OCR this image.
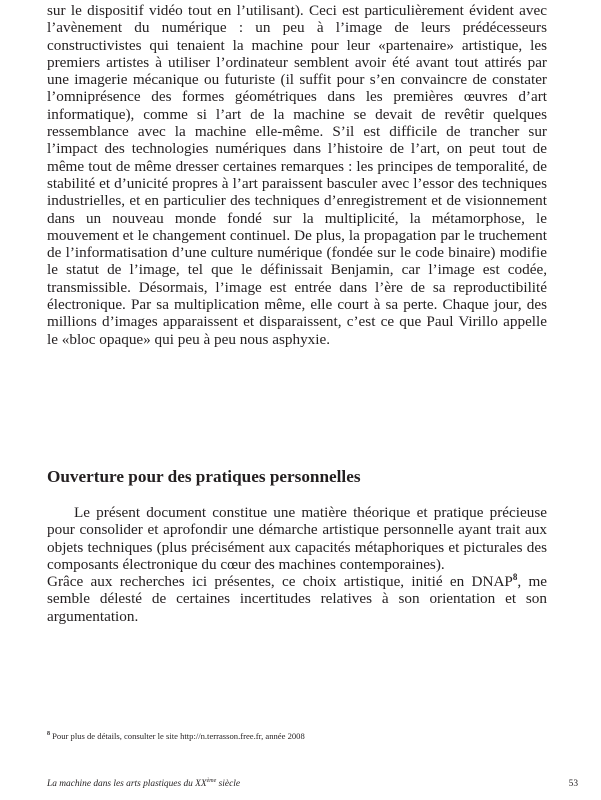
sur le dispositif vidéo tout en l’utilisant). Ceci est particulièrement évident avec l’avènement du numérique : un peu à l’image de leurs prédécesseurs constructivistes qui tenaient la machine pour leur «partenaire» artistique, les premiers artistes à utiliser l’ordinateur semblent avoir été avant tout attirés par une imagerie mécanique ou futuriste (il suffit pour s’en convaincre de constater l’omniprésence des formes géométriques dans les premières œuvres d’art informatique), comme si l’art de la machine se devait de revêtir quelques ressemblance avec la machine elle-même. S’il est difficile de trancher sur l’impact des technologies numériques dans l’histoire de l’art, on peut tout de même tout de même dresser certaines remarques : les principes de temporalité, de stabilité et d’unicité propres à l’art paraissent basculer avec l’essor des techniques industrielles, et en particulier des techniques d’enregistrement et de visionnement dans un nouveau monde fondé sur la multiplicité, la métamorphose, le mouvement et le changement continuel. De plus, la propagation par le truchement de l’informatisation d’une culture numérique (fondée sur le code binaire) modifie le statut de l’image, tel que le définissait Benjamin, car l’image est codée, transmissible. Désormais, l’image est entrée dans l’ère de sa reproductibilité électronique. Par sa multiplication même, elle court à sa perte. Chaque jour, des millions d’images apparaissent et disparaissent, c’est ce que Paul Virillo appelle le «bloc opaque» qui peu à peu nous asphyxie.

Ouverture pour des pratiques personnelles

Le présent document constitue une matière théorique et pratique précieuse pour consolider et aprofondir une démarche artistique personnelle ayant trait aux objets techniques (plus précisément aux capacités métaphoriques et picturales des composants électronique du cœur des machines contemporaines).

Grâce aux recherches ici présentes, ce choix artistique, initié en DNAP$^8$, me semble délesté de certaines incertitudes relatives à son orientation et son argumentation.

$^8$ Pour plus de détails, consulter le site http://n.terrasson.free.fr, année 2008

La machine dans les arts plastiques du XXème siècle	53
